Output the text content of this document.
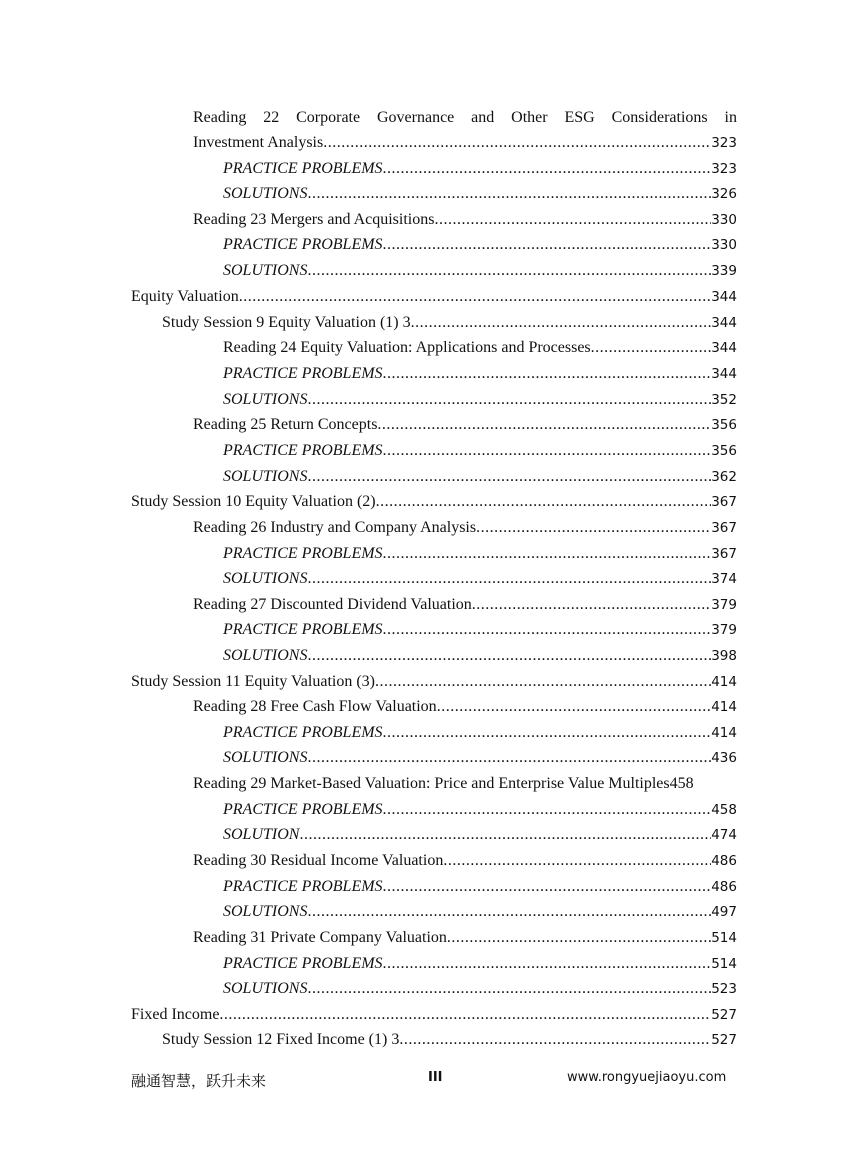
Reading 22 Corporate Governance and Other ESG Considerations in
Investment Analysis .....	323
PRACTICE PROBLEMS .....	323
SOLUTIONS .....	326
Reading 23 Mergers and Acquisitions .....	330
PRACTICE PROBLEMS .....	330
SOLUTIONS .....	339
Equity Valuation .....	344
Study Session 9 Equity Valuation (1) 3 .....	344
Reading 24 Equity Valuation: Applications and Processes .....	344
PRACTICE PROBLEMS .....	344
SOLUTIONS .....	352
Reading 25 Return Concepts .....	356
PRACTICE PROBLEMS .....	356
SOLUTIONS .....	362
Study Session 10 Equity Valuation (2) .....	367
Reading 26 Industry and Company Analysis .....	367
PRACTICE PROBLEMS .....	367
SOLUTIONS .....	374
Reading 27 Discounted Dividend Valuation .....	379
PRACTICE PROBLEMS .....	379
SOLUTIONS .....	398
Study Session 11 Equity Valuation (3) .....	414
Reading 28 Free Cash Flow Valuation .....	414
PRACTICE PROBLEMS .....	414
SOLUTIONS .....	436
Reading 29 Market-Based Valuation: Price and Enterprise Value Multiples 458
PRACTICE PROBLEMS .....	458
SOLUTION .....	474
Reading 30 Residual Income Valuation .....	486
PRACTICE PROBLEMS .....	486
SOLUTIONS .....	497
Reading 31 Private Company Valuation .....	514
PRACTICE PROBLEMS .....	514
SOLUTIONS .....	523
Fixed Income .....	527
Study Session 12 Fixed Income (1) 3 .....	527
融通智慧，跃升未来	III	www.rongyuejiaoyu.com
